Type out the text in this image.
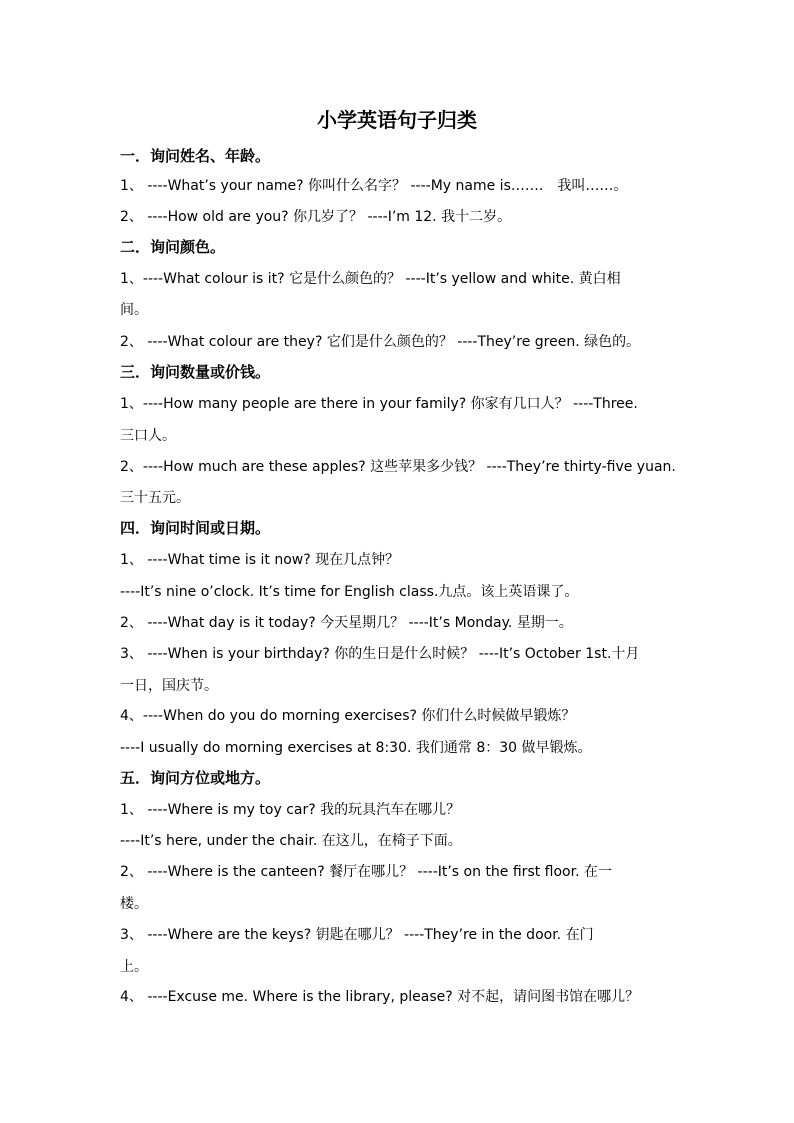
小学英语句子归类
一．询问姓名、年龄。
1、 ----What’s your name? 你叫什么名字？ ----My name is……． 我叫……。
2、 ----How old are you? 你几岁了？ ----I’m 12. 我十二岁。
二．询问颜色。
1、----What colour is it? 它是什么颜色的？ ----It’s yellow and white. 黄白相
间。
2、 ----What colour are they? 它们是什么颜色的？ ----They’re green. 绿色的。
三．询问数量或价钱。
1、----How many people are there in your family? 你家有几口人？ ----Three.
三口人。
2、----How much are these apples? 这些苹果多少钱？ ----They’re thirty-five yuan.
三十五元。
四．询问时间或日期。
1、 ----What time is it now? 现在几点钟？
----It’s nine o’clock. It’s time for English class.九点。该上英语课了。
2、 ----What day is it today? 今天星期几？ ----It’s Monday. 星期一。
3、 ----When is your birthday? 你的生日是什么时候？ ----It’s October 1st.十月
一日，国庆节。
4、----When do you do morning exercises? 你们什么时候做早锻炼？
----I usually do morning exercises at 8:30. 我们通常 8：30 做早锻炼。
五．询问方位或地方。
1、 ----Where is my toy car? 我的玩具汽车在哪儿？
----It’s here, under the chair. 在这儿，在椅子下面。
2、 ----Where is the canteen? 餐厅在哪儿？ ----It’s on the first floor. 在一
楼。
3、 ----Where are the keys? 钥匙在哪儿？ ----They’re in the door. 在门
上。
4、 ----Excuse me. Where is the library, please? 对不起，请问图书馆在哪儿？
